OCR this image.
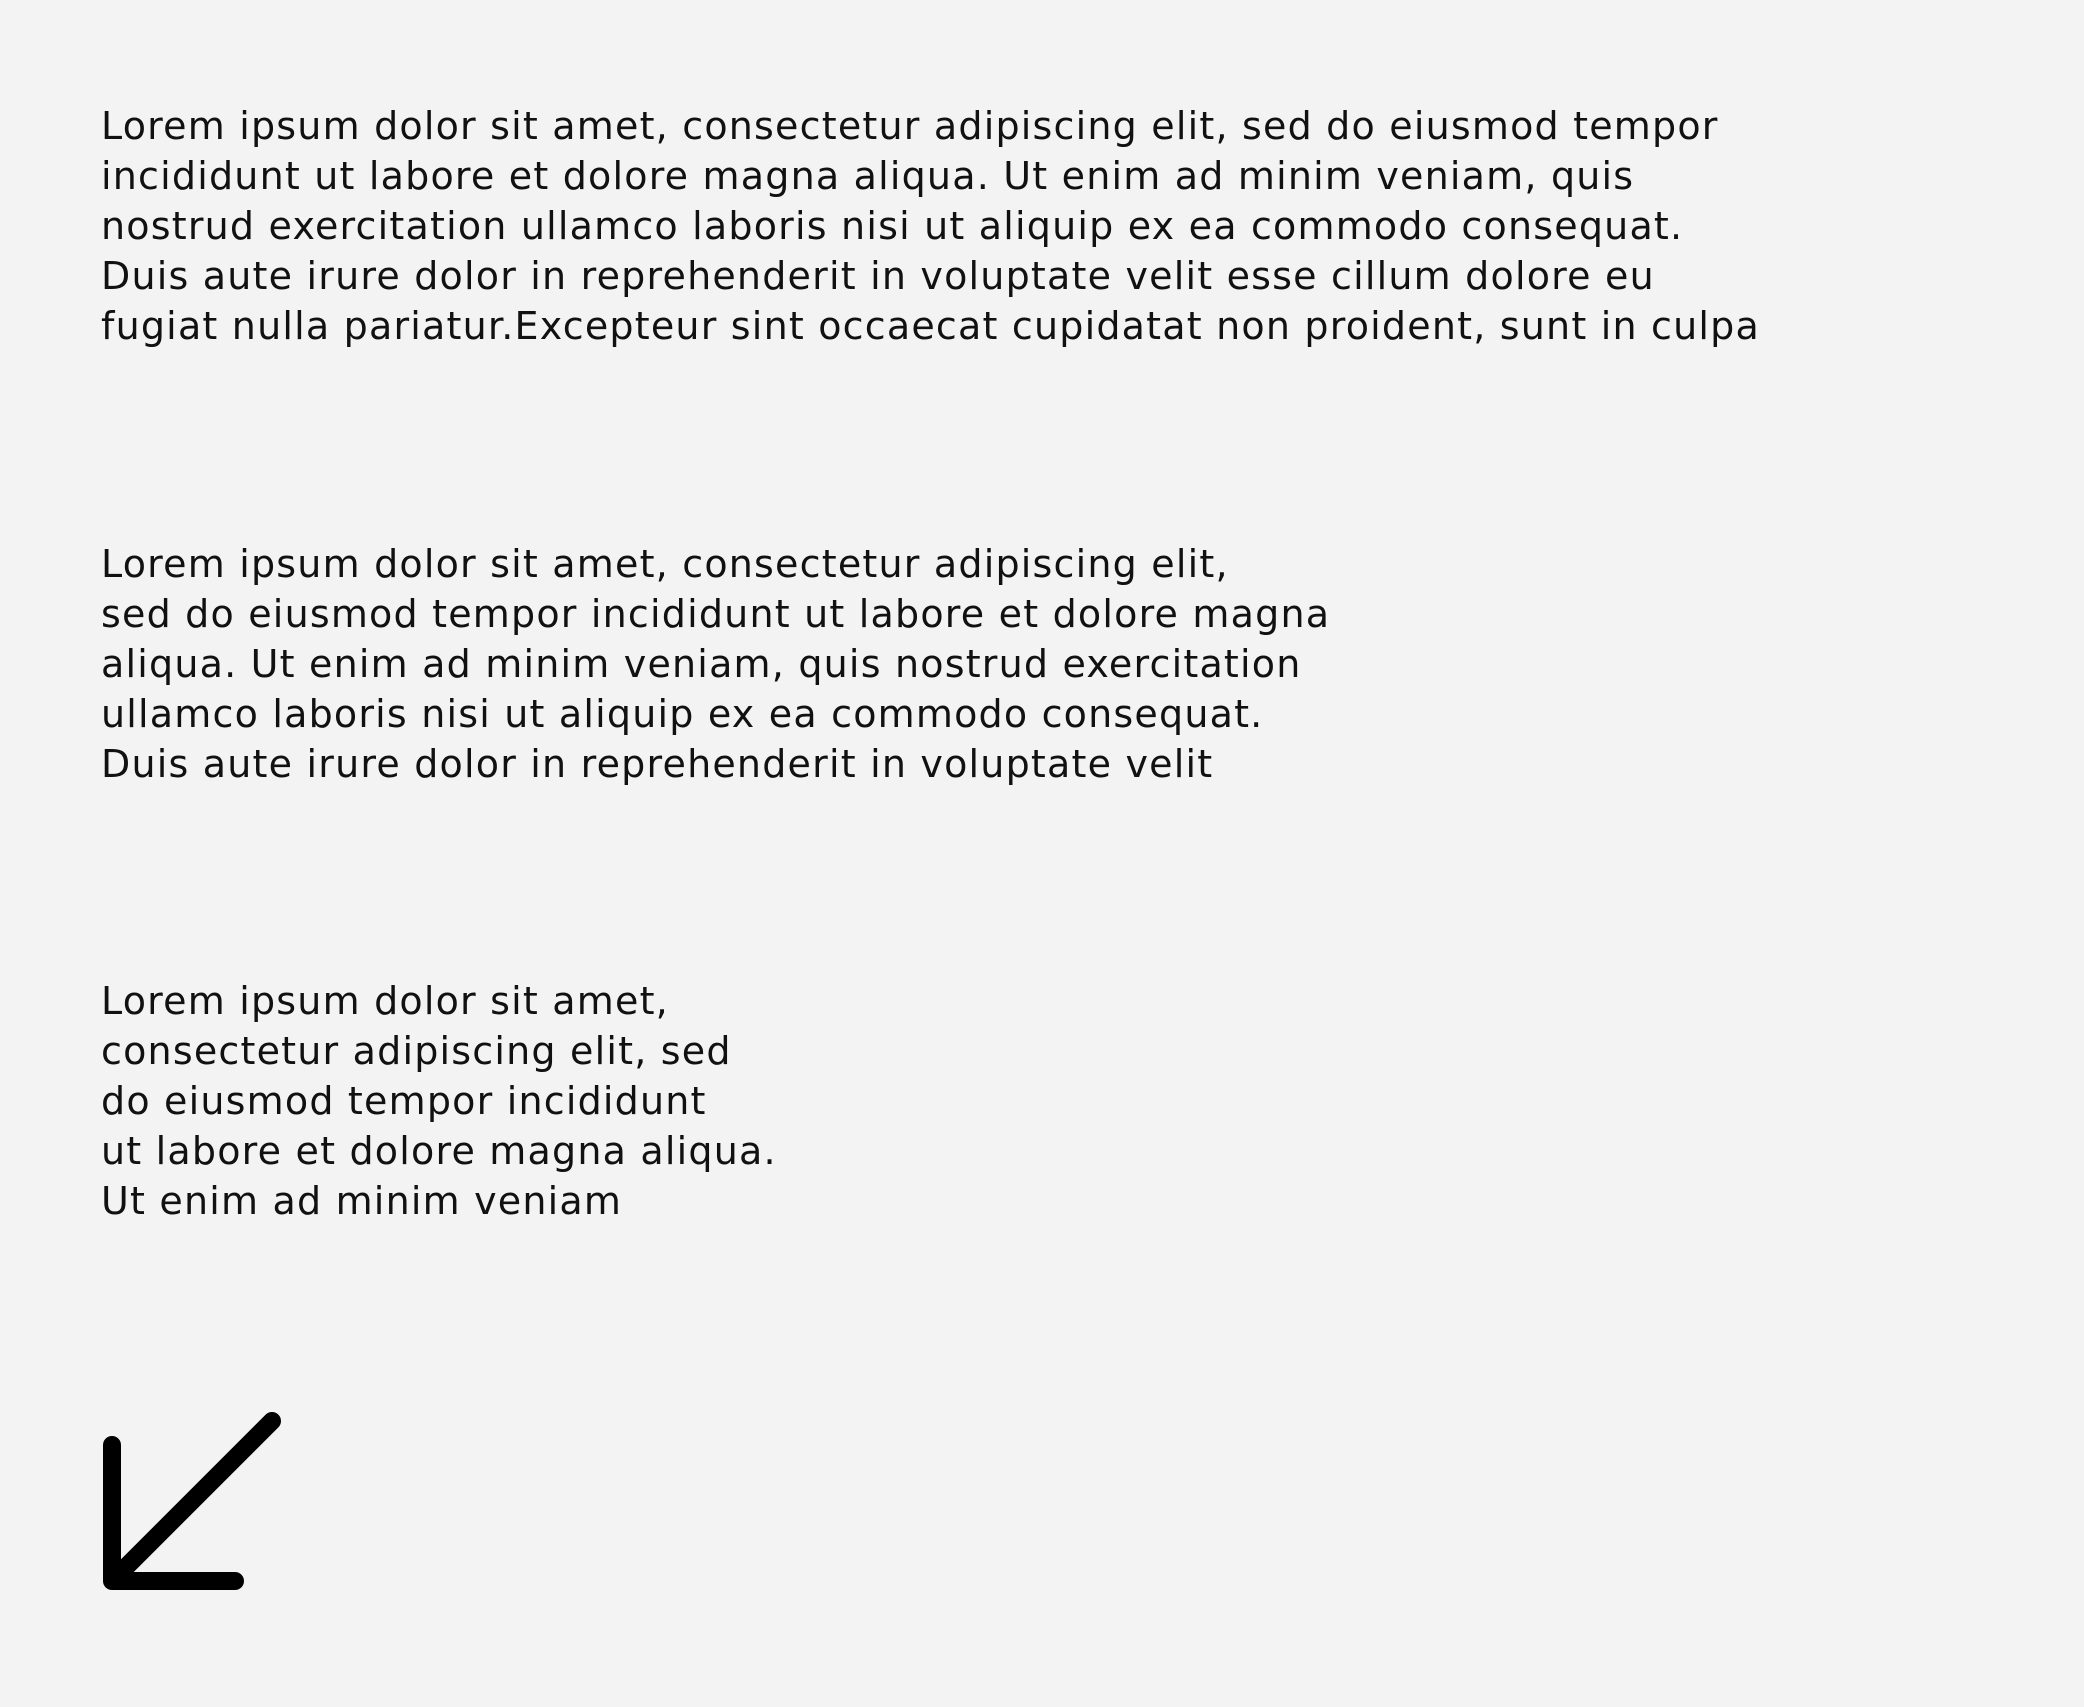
Lorem ipsum dolor sit amet, consectetur adipiscing elit, sed do eiusmod tempor
incididunt ut labore et dolore magna aliqua. Ut enim ad minim veniam, quis
nostrud exercitation ullamco laboris nisi ut aliquip ex ea commodo consequat.
Duis aute irure dolor in reprehenderit in voluptate velit esse cillum dolore eu
fugiat nulla pariatur.Excepteur sint occaecat cupidatat non proident, sunt in culpa

Lorem ipsum dolor sit amet, consectetur adipiscing elit,
sed do eiusmod tempor incididunt ut labore et dolore magna
aliqua. Ut enim ad minim veniam, quis nostrud exercitation
ullamco laboris nisi ut aliquip ex ea commodo consequat.
Duis aute irure dolor in reprehenderit in voluptate velit

Lorem ipsum dolor sit amet,
consectetur adipiscing elit, sed
do eiusmod tempor incididunt
ut labore et dolore magna aliqua.
Ut enim ad minim veniam
